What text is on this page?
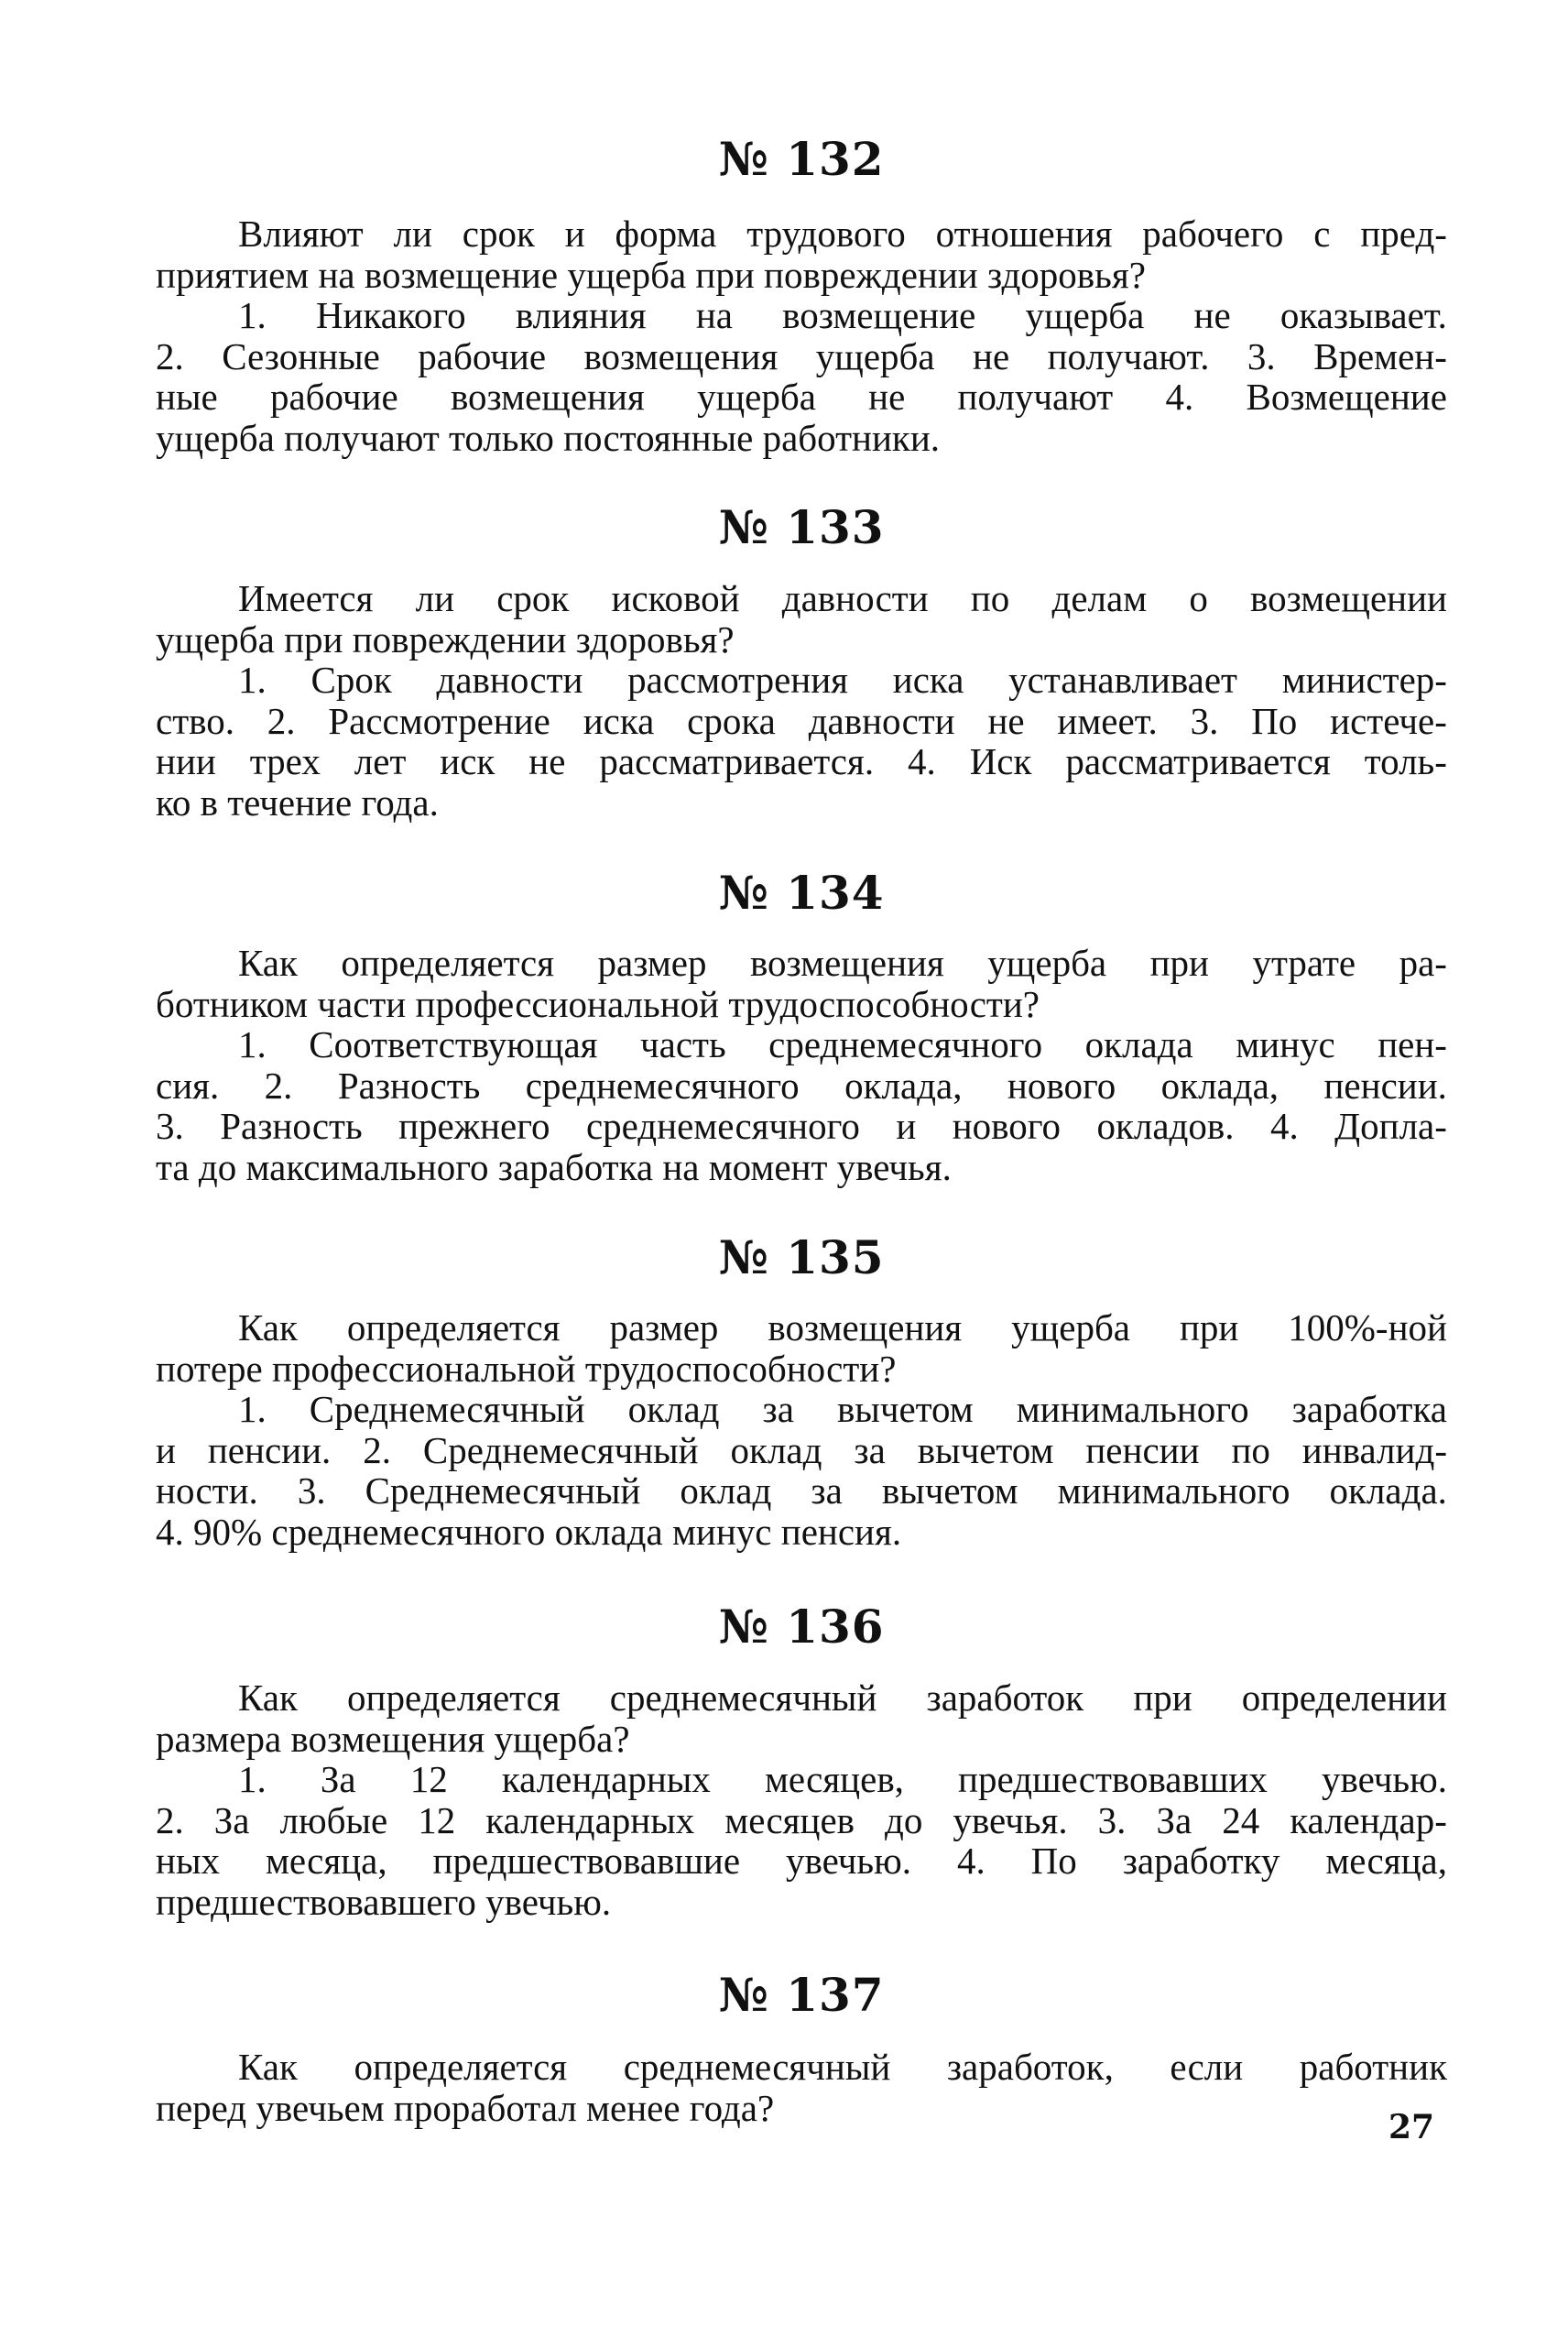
№ 132
Влияют ли срок и форма трудового отношения рабочего с пред-
приятием на возмещение ущерба при повреждении здоровья?
1. Никакого влияния на возмещение ущерба не оказывает.
2. Сезонные рабочие возмещения ущерба не получают. 3. Времен-
ные рабочие возмещения ущерба не получают 4. Возмещение
ущерба получают только постоянные работники.
№ 133
Имеется ли срок исковой давности по делам о возмещении
ущерба при повреждении здоровья?
1. Срок давности рассмотрения иска устанавливает министер-
ство. 2. Рассмотрение иска срока давности не имеет. 3. По истече-
нии трех лет иск не рассматривается. 4. Иск рассматривается толь-
ко в течение года.
№ 134
Как определяется размер возмещения ущерба при утрате ра-
ботником части профессиональной трудоспособности?
1. Соответствующая часть среднемесячного оклада минус пен-
сия. 2. Разность среднемесячного оклада, нового оклада, пенсии.
3. Разность прежнего среднемесячного и нового окладов. 4. Допла-
та до максимального заработка на момент увечья.
№ 135
Как определяется размер возмещения ущерба при 100%-ной
потере профессиональной трудоспособности?
1. Среднемесячный оклад за вычетом минимального заработка
и пенсии. 2. Среднемесячный оклад за вычетом пенсии по инвалид-
ности. 3. Среднемесячный оклад за вычетом минимального оклада.
4. 90% среднемесячного оклада минус пенсия.
№ 136
Как определяется среднемесячный заработок при определении
размера возмещения ущерба?
1. За 12 календарных месяцев, предшествовавших увечью.
2. За любые 12 календарных месяцев до увечья. 3. За 24 календар-
ных месяца, предшествовавшие увечью. 4. По заработку месяца,
предшествовавшего увечью.
№ 137
Как определяется среднемесячный заработок, если работник
перед увечьем проработал менее года?	27
